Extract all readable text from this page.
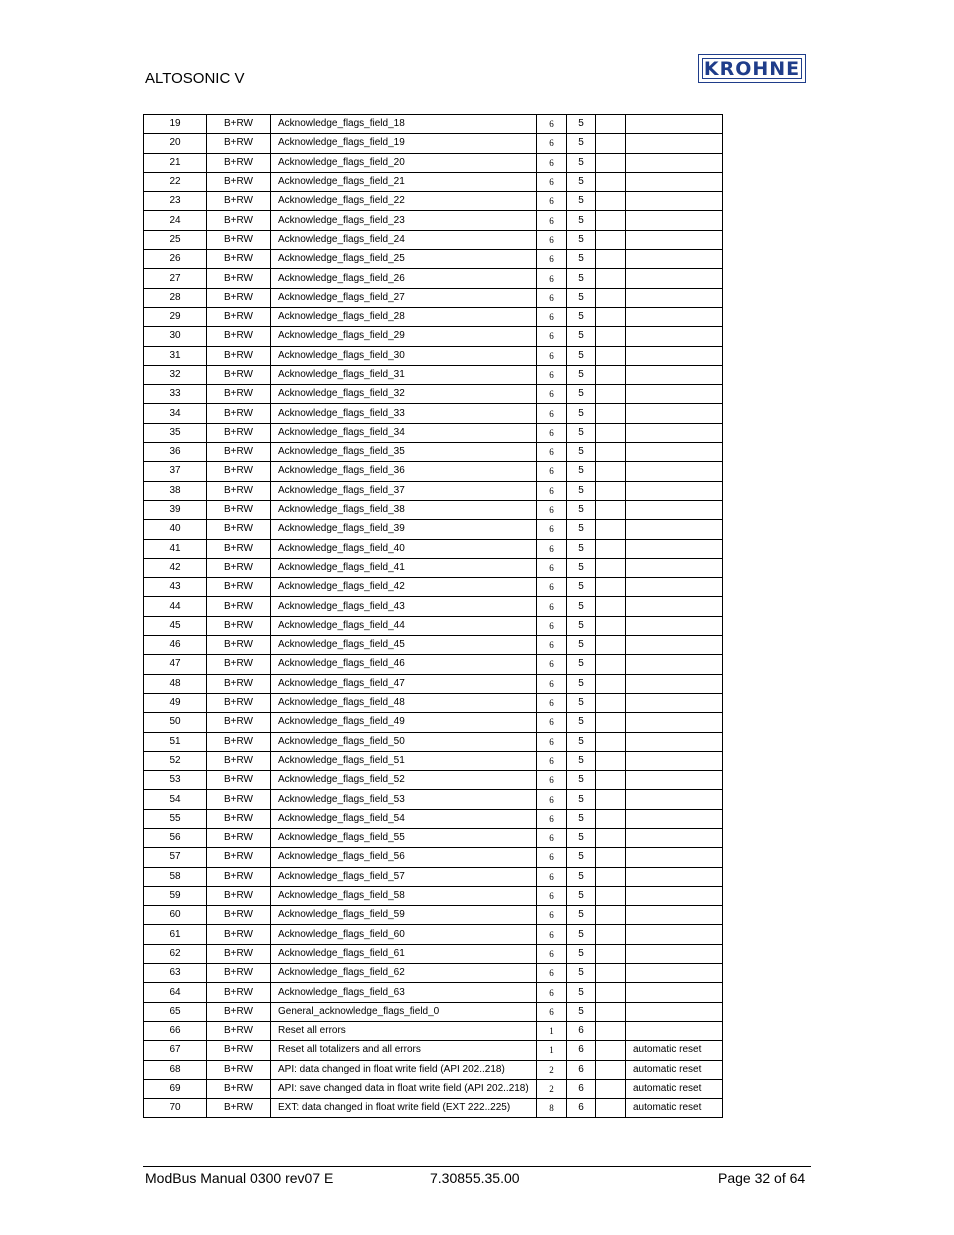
ALTOSONIC V	KROHNE
19	B+RW	Acknowledge_flags_field_18	6	5		
20	B+RW	Acknowledge_flags_field_19	6	5		
21	B+RW	Acknowledge_flags_field_20	6	5		
22	B+RW	Acknowledge_flags_field_21	6	5		
23	B+RW	Acknowledge_flags_field_22	6	5		
24	B+RW	Acknowledge_flags_field_23	6	5		
25	B+RW	Acknowledge_flags_field_24	6	5		
26	B+RW	Acknowledge_flags_field_25	6	5		
27	B+RW	Acknowledge_flags_field_26	6	5		
28	B+RW	Acknowledge_flags_field_27	6	5		
29	B+RW	Acknowledge_flags_field_28	6	5		
30	B+RW	Acknowledge_flags_field_29	6	5		
31	B+RW	Acknowledge_flags_field_30	6	5		
32	B+RW	Acknowledge_flags_field_31	6	5		
33	B+RW	Acknowledge_flags_field_32	6	5		
34	B+RW	Acknowledge_flags_field_33	6	5		
35	B+RW	Acknowledge_flags_field_34	6	5		
36	B+RW	Acknowledge_flags_field_35	6	5		
37	B+RW	Acknowledge_flags_field_36	6	5		
38	B+RW	Acknowledge_flags_field_37	6	5		
39	B+RW	Acknowledge_flags_field_38	6	5		
40	B+RW	Acknowledge_flags_field_39	6	5		
41	B+RW	Acknowledge_flags_field_40	6	5		
42	B+RW	Acknowledge_flags_field_41	6	5		
43	B+RW	Acknowledge_flags_field_42	6	5		
44	B+RW	Acknowledge_flags_field_43	6	5		
45	B+RW	Acknowledge_flags_field_44	6	5		
46	B+RW	Acknowledge_flags_field_45	6	5		
47	B+RW	Acknowledge_flags_field_46	6	5		
48	B+RW	Acknowledge_flags_field_47	6	5		
49	B+RW	Acknowledge_flags_field_48	6	5		
50	B+RW	Acknowledge_flags_field_49	6	5		
51	B+RW	Acknowledge_flags_field_50	6	5		
52	B+RW	Acknowledge_flags_field_51	6	5		
53	B+RW	Acknowledge_flags_field_52	6	5		
54	B+RW	Acknowledge_flags_field_53	6	5		
55	B+RW	Acknowledge_flags_field_54	6	5		
56	B+RW	Acknowledge_flags_field_55	6	5		
57	B+RW	Acknowledge_flags_field_56	6	5		
58	B+RW	Acknowledge_flags_field_57	6	5		
59	B+RW	Acknowledge_flags_field_58	6	5		
60	B+RW	Acknowledge_flags_field_59	6	5		
61	B+RW	Acknowledge_flags_field_60	6	5		
62	B+RW	Acknowledge_flags_field_61	6	5		
63	B+RW	Acknowledge_flags_field_62	6	5		
64	B+RW	Acknowledge_flags_field_63	6	5		
65	B+RW	General_acknowledge_flags_field_0	6	5		
66	B+RW	Reset all errors	1	6		
67	B+RW	Reset all totalizers and all errors	1	6		automatic reset
68	B+RW	API: data changed in float write field (API 202..218)	2	6		automatic reset
69	B+RW	API: save changed data in float write field (API 202..218)	2	6		automatic reset
70	B+RW	EXT: data changed in float write field (EXT 222..225)	8	6		automatic reset
ModBus Manual 0300 rev07 E	7.30855.35.00	Page 32 of 64
